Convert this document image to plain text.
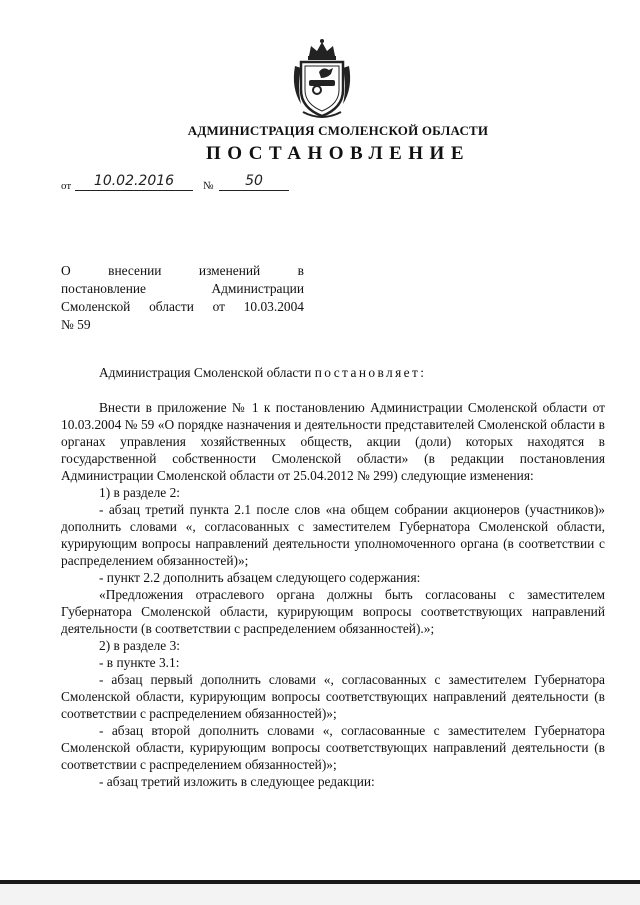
АДМИНИСТРАЦИЯ СМОЛЕНСКОЙ ОБЛАСТИ
ПОСТАНОВЛЕНИЕ
от	10.02.2016	№	50
О внесении изменений в
постановление Администрации
Смоленской области от 10.03.2004
№ 59

Администрация Смоленской области постановляет:

Внести в приложение № 1 к постановлению Администрации Смоленской области от 10.03.2004 № 59 «О порядке назначения и деятельности представителей Смоленской области в органах управления хозяйственных обществ, акции (доли) которых находятся в государственной собственности Смоленской области» (в редакции постановления Администрации Смоленской области от 25.04.2012 № 299) следующие изменения:

1) в разделе 2:

- абзац третий пункта 2.1 после слов «на общем собрании акционеров (участников)» дополнить словами «, согласованных с заместителем Губернатора Смоленской области, курирующим вопросы направлений деятельности уполномоченного органа (в соответствии с распределением обязанностей)»;

- пункт 2.2 дополнить абзацем следующего содержания:

«Предложения отраслевого органа должны быть согласованы с заместителем Губернатора Смоленской области, курирующим вопросы соответствующих направлений деятельности (в соответствии с распределением обязанностей).»;

2) в разделе 3:

- в пункте 3.1:

- абзац первый дополнить словами «, согласованных с заместителем Губернатора Смоленской области, курирующим вопросы соответствующих направлений деятельности (в соответствии с распределением обязанностей)»;

- абзац второй дополнить словами «, согласованные с заместителем Губернатора Смоленской области, курирующим вопросы соответствующих направлений деятельности (в соответствии с распределением обязанностей)»;

- абзац третий изложить в следующее редакции:
